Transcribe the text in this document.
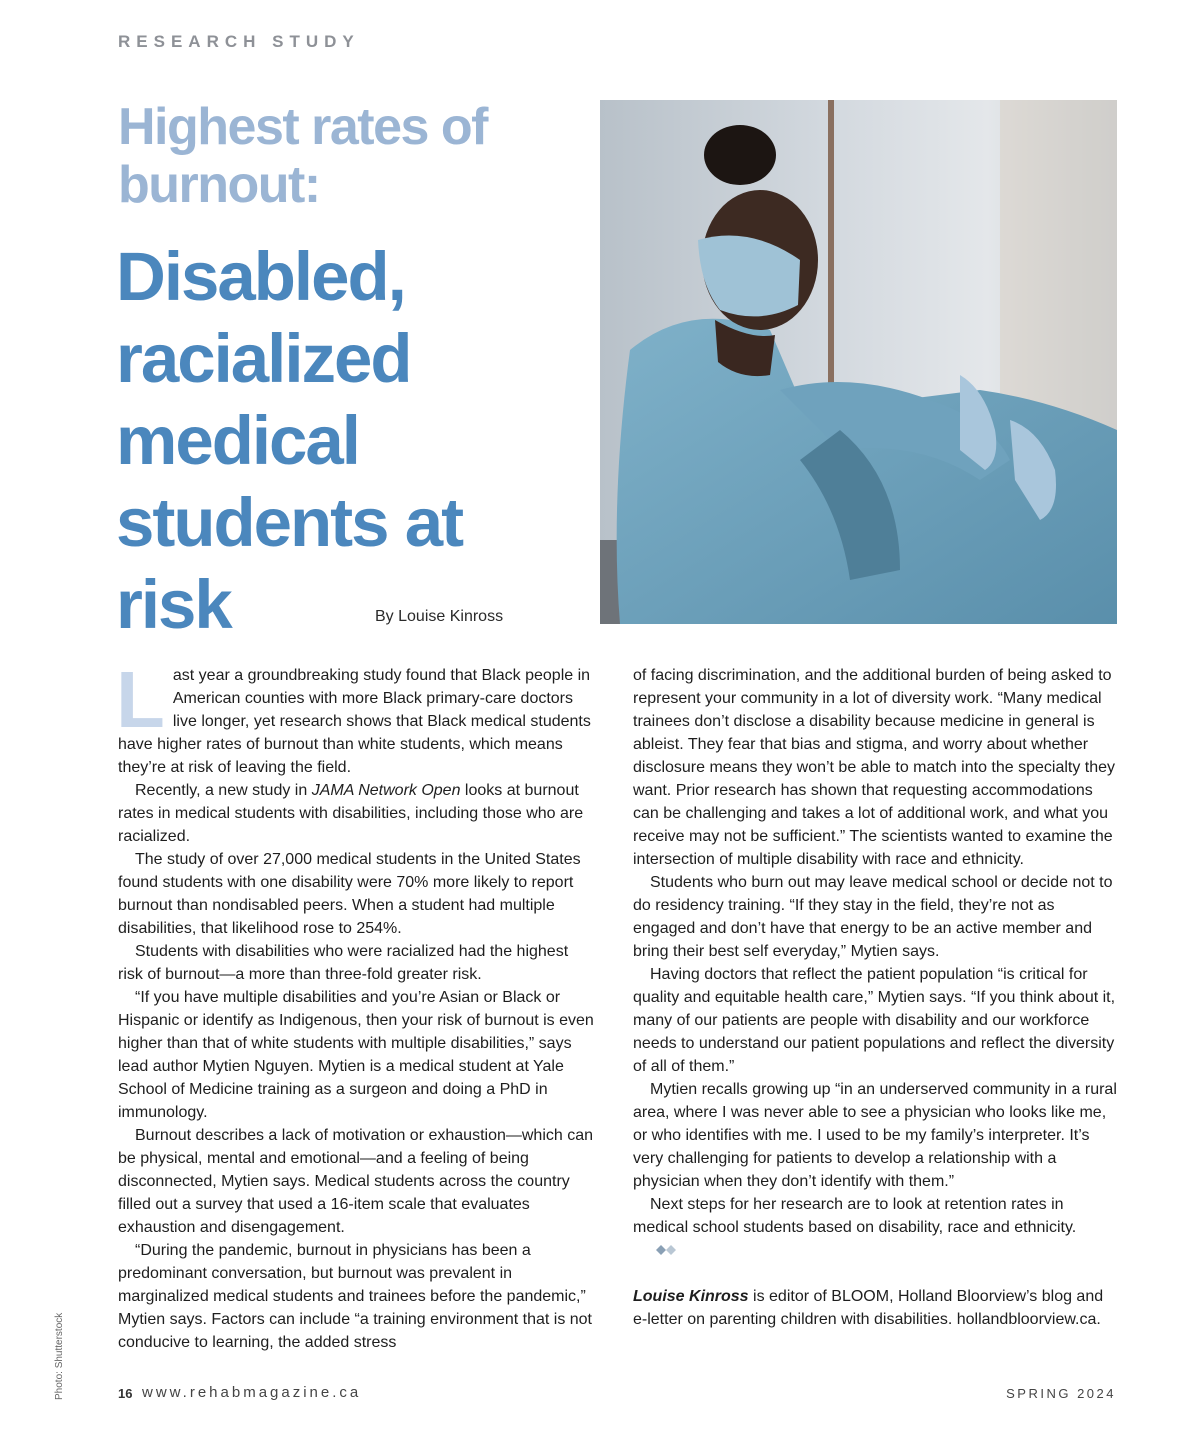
RESEARCH STUDY
Highest rates of burnout:
Disabled, racialized medical students at risk	By Louise Kinross

Last year a groundbreaking study found that Black people in American counties with more Black primary-care doctors live longer, yet research shows that Black medical students have higher rates of burnout than white students, which means they’re at risk of leaving the field.

Recently, a new study in JAMA Network Open looks at burnout rates in medical students with disabilities, including those who are racialized.

The study of over 27,000 medical students in the United States found students with one disability were 70% more likely to report burnout than nondisabled peers. When a student had multiple disabilities, that likelihood rose to 254%.

Students with disabilities who were racialized had the highest risk of burnout—a more than three-fold greater risk.

“If you have multiple disabilities and you’re Asian or Black or Hispanic or identify as Indigenous, then your risk of burnout is even higher than that of white students with multiple disabilities,” says lead author Mytien Nguyen. Mytien is a medical student at Yale School of Medicine training as a surgeon and doing a PhD in immunology.

Burnout describes a lack of motivation or exhaustion—which can be physical, mental and emotional—and a feeling of being disconnected, Mytien says. Medical students across the country filled out a survey that used a 16-item scale that evaluates exhaustion and disengagement.

“During the pandemic, burnout in physicians has been a predominant conversation, but burnout was prevalent in marginalized medical students and trainees before the pandemic,” Mytien says. Factors can include “a training environment that is not conducive to learning, the added stress

of facing discrimination, and the additional burden of being asked to represent your community in a lot of diversity work. “Many medical trainees don’t disclose a disability because medicine in general is ableist. They fear that bias and stigma, and worry about whether disclosure means they won’t be able to match into the specialty they want. Prior research has shown that requesting accommodations can be challenging and takes a lot of additional work, and what you receive may not be sufficient.” The scientists wanted to examine the intersection of multiple disability with race and ethnicity.

Students who burn out may leave medical school or decide not to do residency training. “If they stay in the field, they’re not as engaged and don’t have that energy to be an active member and bring their best self everyday,” Mytien says.

Having doctors that reflect the patient population “is critical for quality and equitable health care,” Mytien says. “If you think about it, many of our patients are people with disability and our workforce needs to understand our patient populations and reflect the diversity of all of them.”

Mytien recalls growing up “in an underserved community in a rural area, where I was never able to see a physician who looks like me, or who identifies with me. I used to be my family’s interpreter. It’s very challenging for patients to develop a relationship with a physician when they don’t identify with them.”

Next steps for her research are to look at retention rates in medical school students based on disability, race and ethnicity.

Louise Kinross is editor of BLOOM, Holland Bloorview’s blog and e-letter on parenting children with disabilities. hollandbloorview.ca.

Photo: Shutterstock	16 www.rehabmagazine.ca	SPRING 2024
